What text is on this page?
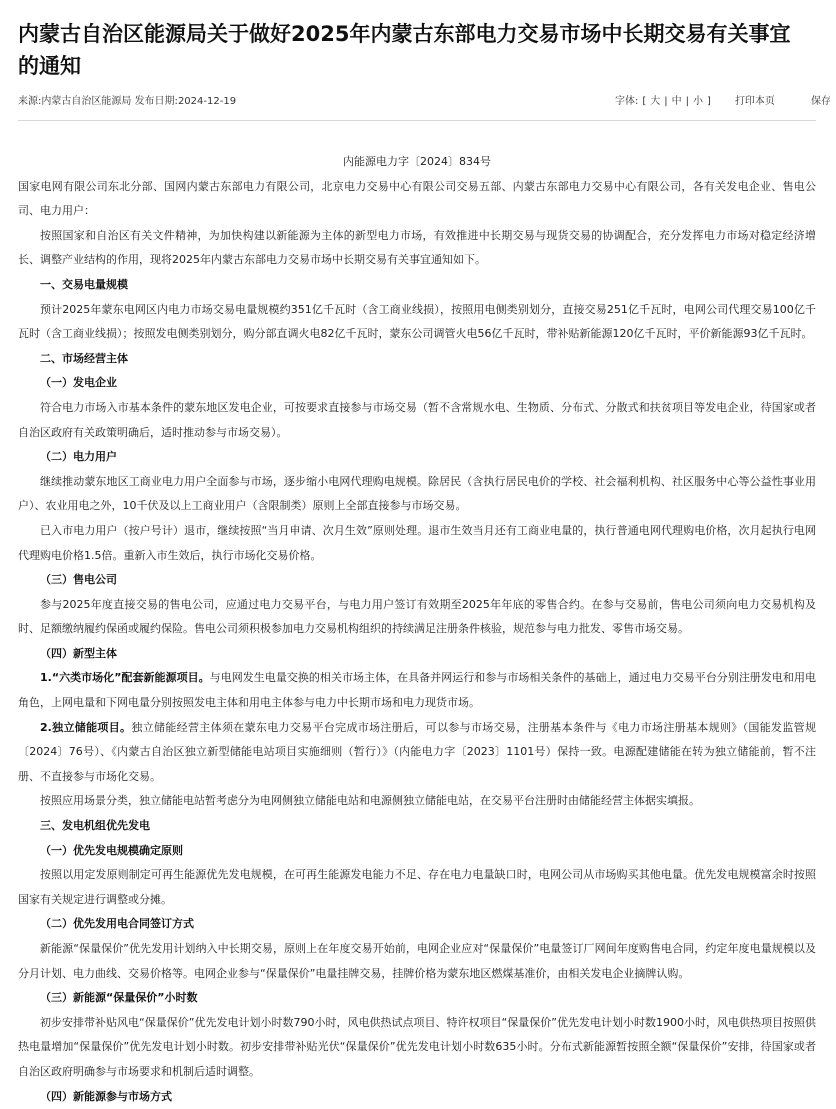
内蒙古自治区能源局关于做好2025年内蒙古东部电力交易市场中长期交易有关事宜的通知
来源:内蒙古自治区能源局 发布日期:2024-12-19	字体: [ 大 | 中 | 小 ] 打印本页	保存

内能源电力字〔2024〕834号

国家电网有限公司东北分部、国网内蒙古东部电力有限公司，北京电力交易中心有限公司交易五部、内蒙古东部电力交易中心有限公司，各有关发电企业、售电公司、电力用户：

按照国家和自治区有关文件精神，为加快构建以新能源为主体的新型电力市场，有效推进中长期交易与现货交易的协调配合，充分发挥电力市场对稳定经济增长、调整产业结构的作用，现将2025年内蒙古东部电力交易市场中长期交易有关事宜通知如下。

一、交易电量规模

预计2025年蒙东电网区内电力市场交易电量规模约351亿千瓦时（含工商业线损），按照用电侧类别划分，直接交易251亿千瓦时，电网公司代理交易100亿千瓦时（含工商业线损）；按照发电侧类别划分，购分部直调火电82亿千瓦时，蒙东公司调管火电56亿千瓦时，带补贴新能源120亿千瓦时，平价新能源93亿千瓦时。

二、市场经营主体

（一）发电企业

符合电力市场入市基本条件的蒙东地区发电企业，可按要求直接参与市场交易（暂不含常规水电、生物质、分布式、分散式和扶贫项目等发电企业，待国家或者自治区政府有关政策明确后，适时推动参与市场交易）。

（二）电力用户

继续推动蒙东地区工商业电力用户全面参与市场，逐步缩小电网代理购电规模。除居民（含执行居民电价的学校、社会福利机构、社区服务中心等公益性事业用户）、农业用电之外，10千伏及以上工商业用户（含限制类）原则上全部直接参与市场交易。

已入市电力用户（按户号计）退市，继续按照“当月申请、次月生效”原则处理。退市生效当月还有工商业电量的，执行普通电网代理购电价格，次月起执行电网代理购电价格1.5倍。重新入市生效后，执行市场化交易价格。

（三）售电公司

参与2025年度直接交易的售电公司，应通过电力交易平台，与电力用户签订有效期至2025年年底的零售合约。在参与交易前，售电公司须向电力交易机构及时、足额缴纳履约保函或履约保险。售电公司须积极参加电力交易机构组织的持续满足注册条件核验，规范参与电力批发、零售市场交易。

（四）新型主体

1.“六类市场化”配套新能源项目。与电网发生电量交换的相关市场主体，在具备并网运行和参与市场相关条件的基础上，通过电力交易平台分别注册发电和用电角色，上网电量和下网电量分别按照发电主体和用电主体参与电力中长期市场和电力现货市场。

2.独立储能项目。独立储能经营主体须在蒙东电力交易平台完成市场注册后，可以参与市场交易，注册基本条件与《电力市场注册基本规则》（国能发监管规〔2024〕76号）、《内蒙古自治区独立新型储能电站项目实施细则（暂行）》（内能电力字〔2023〕1101号）保持一致。电源配建储能在转为独立储能前，暂不注册、不直接参与市场化交易。

按照应用场景分类，独立储能电站暂考虑分为电网侧独立储能电站和电源侧独立储能电站，在交易平台注册时由储能经营主体据实填报。

三、发电机组优先发电

（一）优先发电规模确定原则

按照以用定发原则制定可再生能源优先发电规模，在可再生能源发电能力不足、存在电力电量缺口时，电网公司从市场购买其他电量。优先发电规模富余时按照国家有关规定进行调整或分摊。

（二）优先发用电合同签订方式

新能源“保量保价”优先发用计划纳入中长期交易，原则上在年度交易开始前，电网企业应对“保量保价”电量签订厂网间年度购售电合同，约定年度电量规模以及分月计划、电力曲线、交易价格等。电网企业参与“保量保价”电量挂牌交易，挂牌价格为蒙东地区燃煤基准价，由相关发电企业摘牌认购。

（三）新能源“保量保价”小时数

初步安排带补贴风电“保量保价”优先发电计划小时数790小时，风电供热试点项目、特许权项目“保量保价”优先发电计划小时数1900小时，风电供热项目按照供热电量增加“保量保价”优先发电计划小时数。初步安排带补贴光伏“保量保价”优先发电计划小时数635小时。分布式新能源暂按照全额“保量保价”安排，待国家或者自治区政府明确参与市场要求和机制后适时调整。

（四）新能源参与市场方式
